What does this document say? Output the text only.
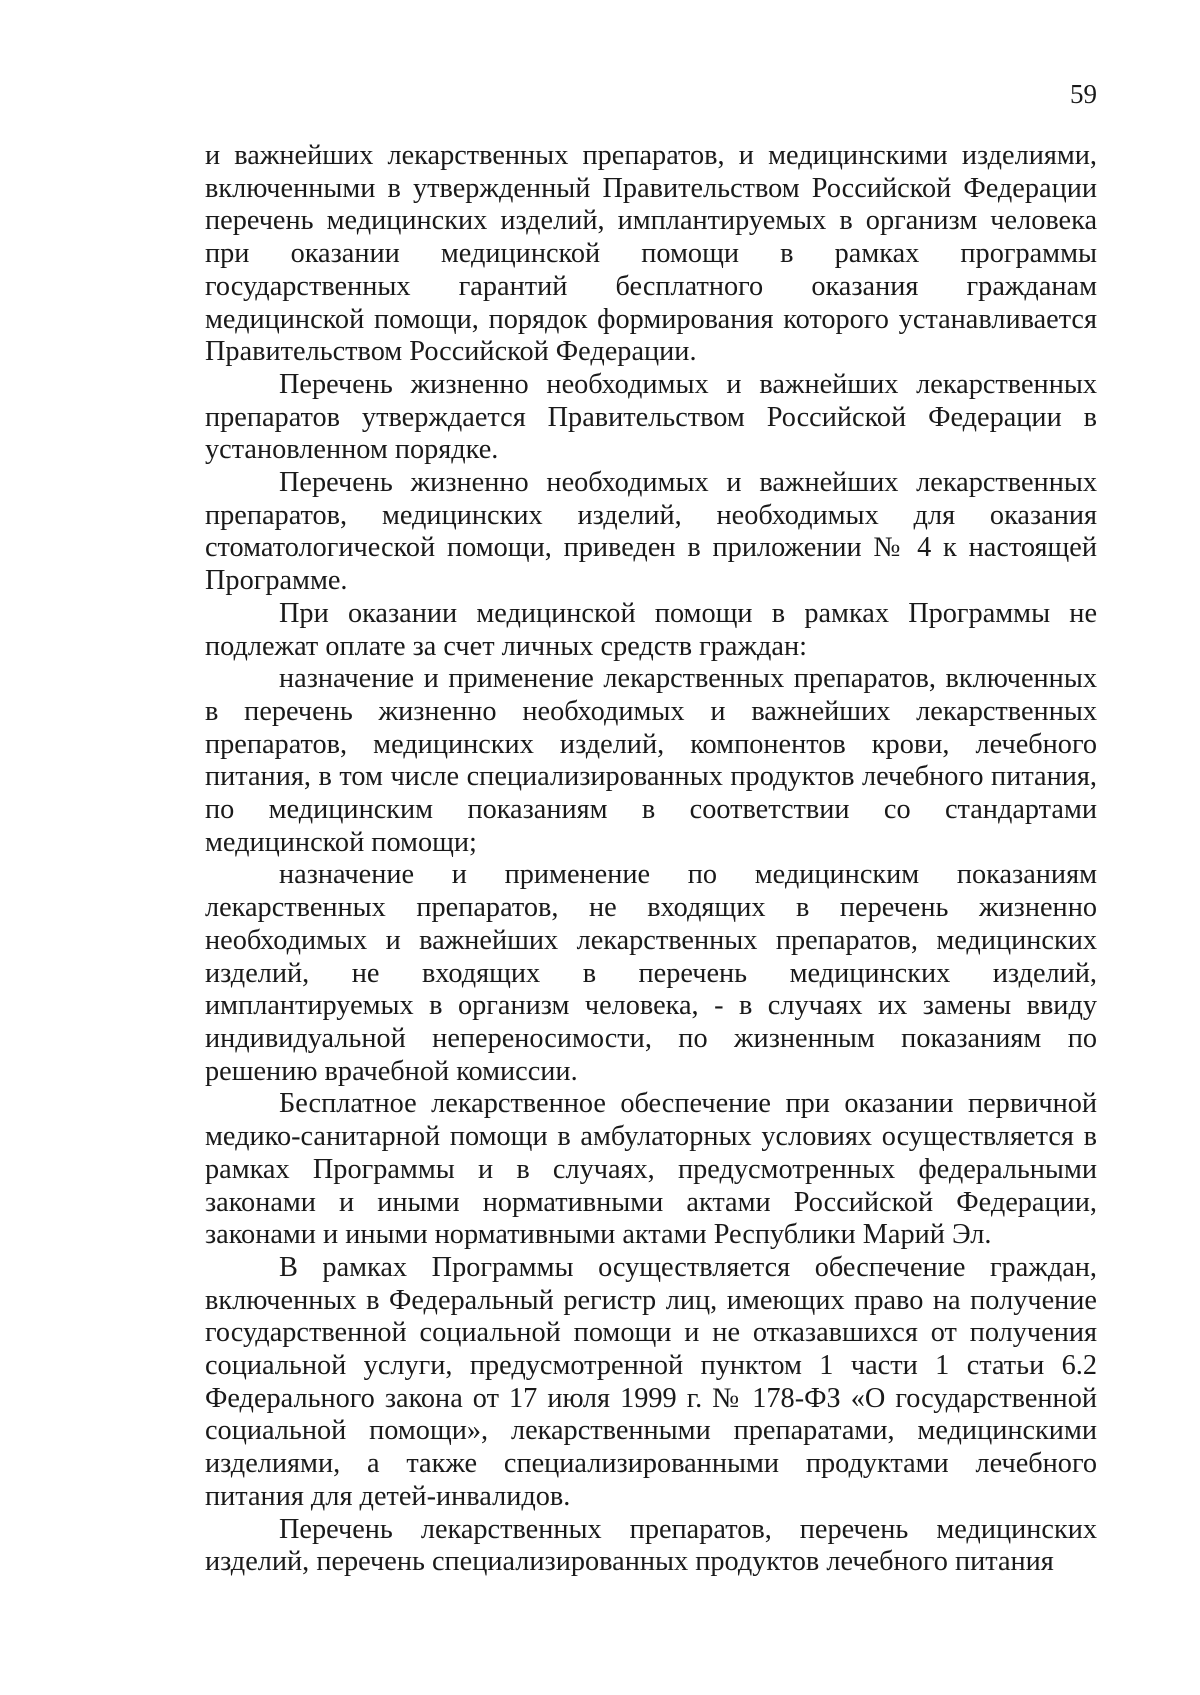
59

и важнейших лекарственных препаратов, и медицинскими изделиями, включенными в утвержденный Правительством Российской Федерации перечень медицинских изделий, имплантируемых в организм человека при оказании медицинской помощи в рамках программы государственных гарантий бесплатного оказания гражданам медицинской помощи, порядок формирования которого устанавливается Правительством Российской Федерации.

Перечень жизненно необходимых и важнейших лекарственных препаратов утверждается Правительством Российской Федерации в установленном порядке.

Перечень жизненно необходимых и важнейших лекарственных препаратов, медицинских изделий, необходимых для оказания стоматологической помощи, приведен в приложении № 4 к настоящей Программе.

При оказании медицинской помощи в рамках Программы не подлежат оплате за счет личных средств граждан:

назначение и применение лекарственных препаратов, включенных в перечень жизненно необходимых и важнейших лекарственных препаратов, медицинских изделий, компонентов крови, лечебного питания, в том числе специализированных продуктов лечебного питания, по медицинским показаниям в соответствии со стандартами медицинской помощи;

назначение и применение по медицинским показаниям лекарственных препаратов, не входящих в перечень жизненно необходимых и важнейших лекарственных препаратов, медицинских изделий, не входящих в перечень медицинских изделий, имплантируемых в организм человека, - в случаях их замены ввиду индивидуальной непереносимости, по жизненным показаниям по решению врачебной комиссии.

Бесплатное лекарственное обеспечение при оказании первичной медико-санитарной помощи в амбулаторных условиях осуществляется в рамках Программы и в случаях, предусмотренных федеральными законами и иными нормативными актами Российской Федерации, законами и иными нормативными актами Республики Марий Эл.

В рамках Программы осуществляется обеспечение граждан, включенных в Федеральный регистр лиц, имеющих право на получение государственной социальной помощи и не отказавшихся от получения социальной услуги, предусмотренной пунктом 1 части 1 статьи 6.2 Федерального закона от 17 июля 1999 г. № 178-ФЗ «О государственной социальной помощи», лекарственными препаратами, медицинскими изделиями, а также специализированными продуктами лечебного питания для детей-инвалидов.

Перечень лекарственных препаратов, перечень медицинских изделий, перечень специализированных продуктов лечебного питания
